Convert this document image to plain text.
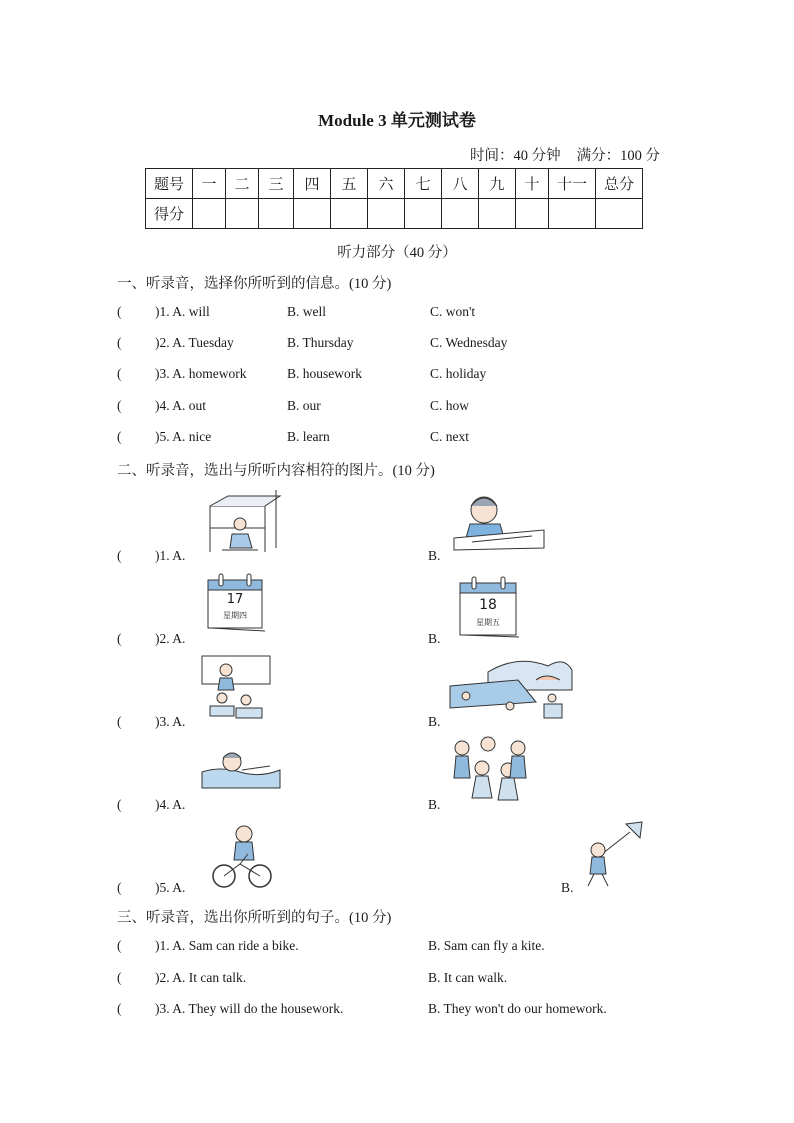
Module 3 单元测试卷
时间：40 分钟 满分：100 分
题号	一	二	三	四	五	六	七	八	九	十	十一	总分
得分												
听力部分（40 分）
一、听录音，选择你所听到的信息。(10 分)
( )1. A. will	B. well	C. won't
( )2. A. Tuesday	B. Thursday	C. Wednesday
( )3. A. homework	B. housework	C. holiday
( )4. A. out	B. our	C. how
( )5. A. nice	B. learn	C. next
二、听录音，选出与所听内容相符的图片。(10 分)
( )1. A.	B.
( )2. A.	B.
17
星期四
18
星期五
( )3. A.	B.
( )4. A.	B.
( )5. A.	B.
三、听录音，选出你所听到的句子。(10 分)
( )1. A. Sam can ride a bike.	B. Sam can fly a kite.
( )2. A. It can talk.	B. It can walk.
( )3. A. They will do the housework.	B. They won't do our homework.
